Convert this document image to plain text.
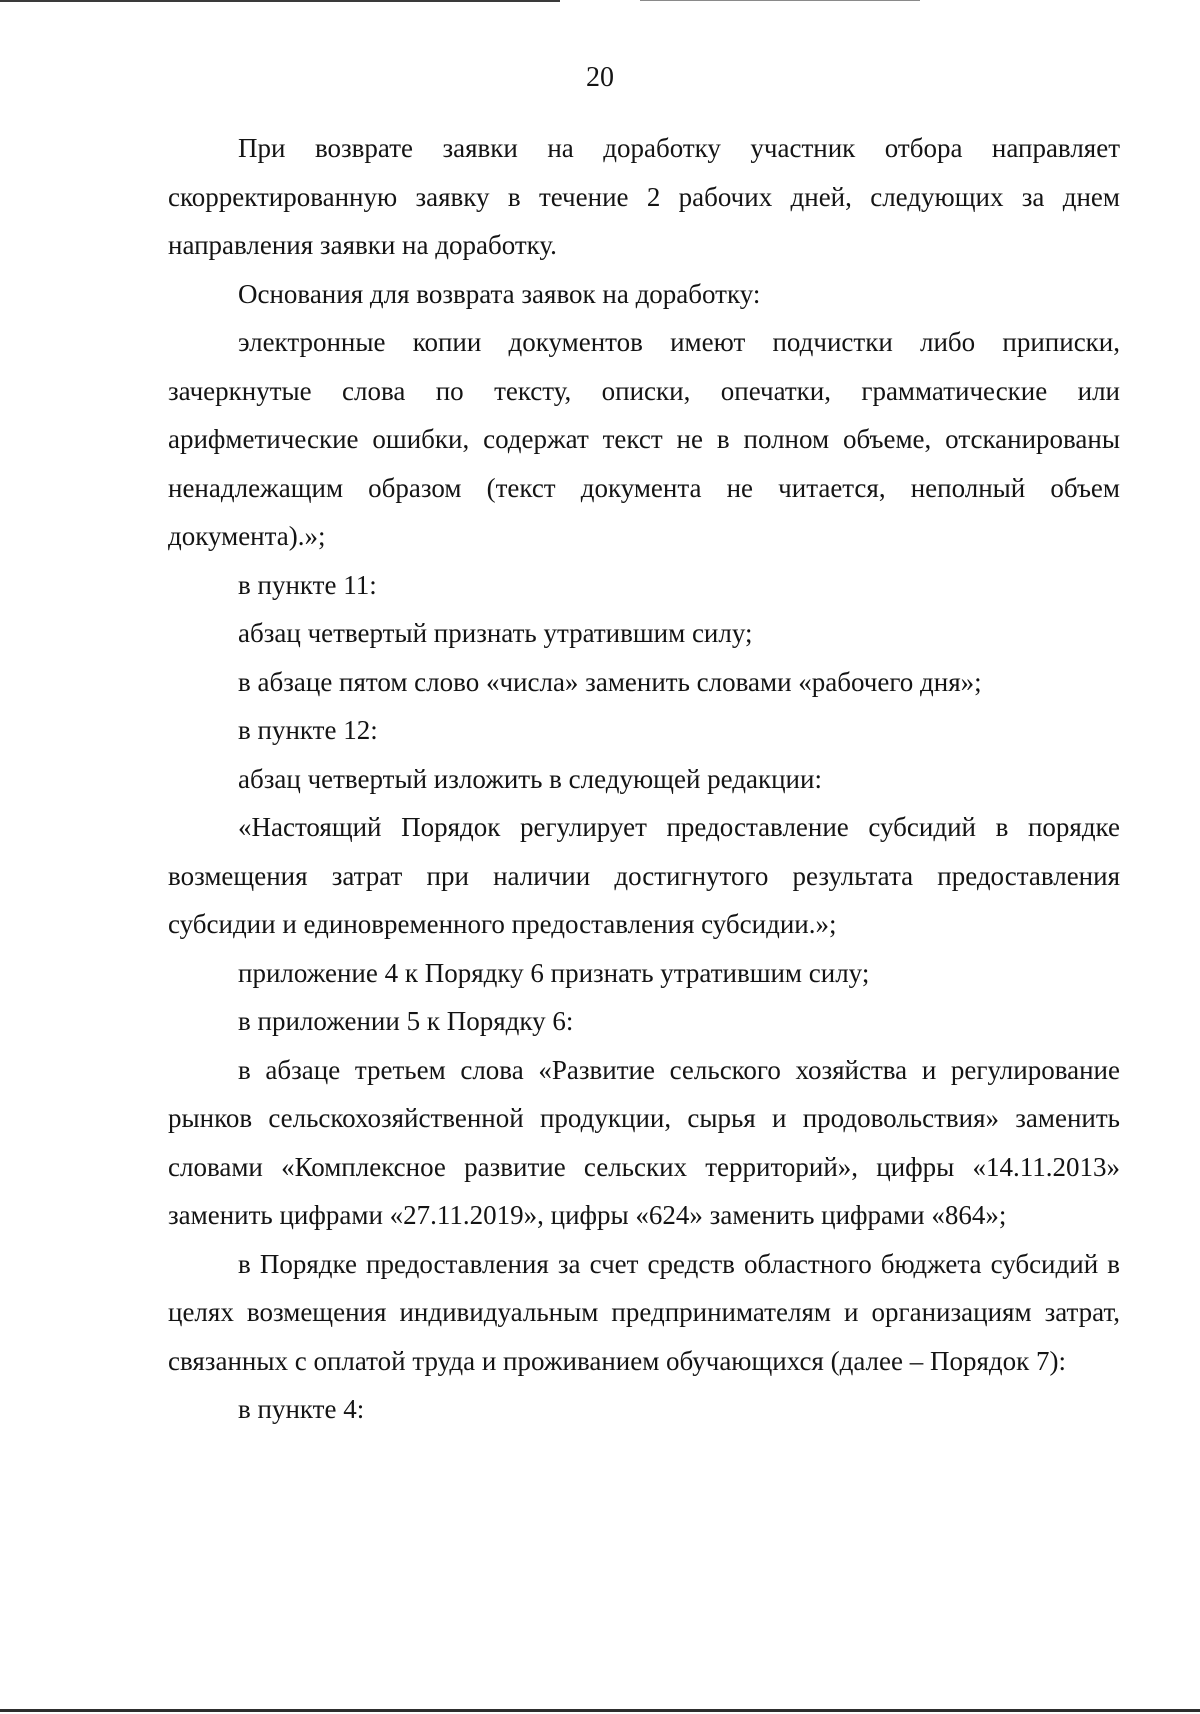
20

При возврате заявки на доработку участник отбора направляет скорректированную заявку в течение 2 рабочих дней, следующих за днем направления заявки на доработку.

Основания для возврата заявок на доработку:

электронные копии документов имеют подчистки либо приписки, зачеркнутые слова по тексту, описки, опечатки, грамматические или арифметические ошибки, содержат текст не в полном объеме, отсканированы ненадлежащим образом (текст документа не читается, неполный объем документа).»;

в пункте 11:

абзац четвертый признать утратившим силу;

в абзаце пятом слово «числа» заменить словами «рабочего дня»;

в пункте 12:

абзац четвертый изложить в следующей редакции:

«Настоящий Порядок регулирует предоставление субсидий в порядке возмещения затрат при наличии достигнутого результата предоставления субсидии и единовременного предоставления субсидии.»;

приложение 4 к Порядку 6 признать утратившим силу;

в приложении 5 к Порядку 6:

в абзаце третьем слова «Развитие сельского хозяйства и регулирование рынков сельскохозяйственной продукции, сырья и продовольствия» заменить словами «Комплексное развитие сельских территорий», цифры «14.11.2013» заменить цифрами «27.11.2019», цифры «624» заменить цифрами «864»;

в Порядке предоставления за счет средств областного бюджета субсидий в целях возмещения индивидуальным предпринимателям и организациям затрат, связанных с оплатой труда и проживанием обучающихся (далее – Порядок 7):

в пункте 4:
